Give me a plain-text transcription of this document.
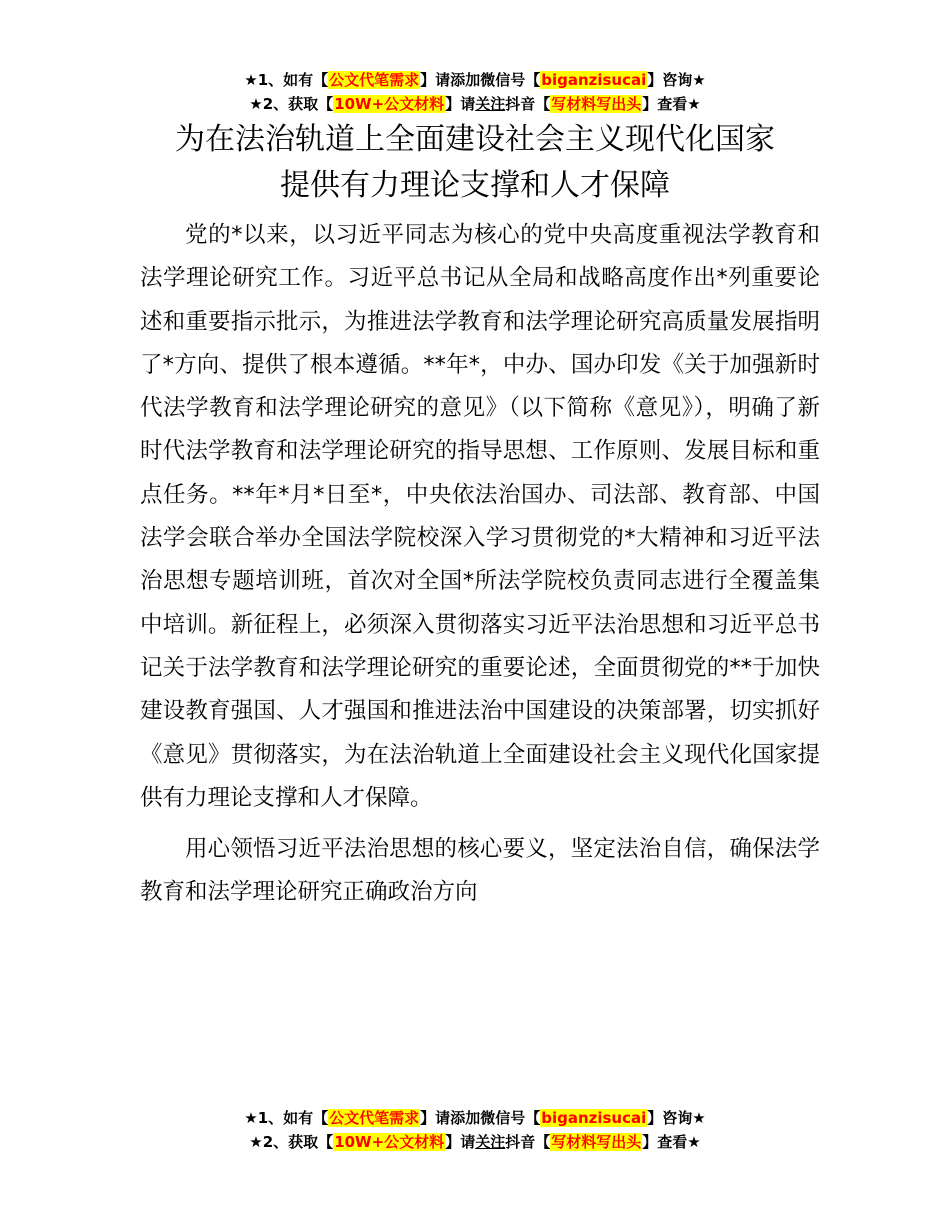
★1、如有【公文代笔需求】请添加微信号【biganzisucai】咨询★
★2、获取【10W+公文材料】请关注抖音【写材料写出头】查看★
为在法治轨道上全面建设社会主义现代化国家
提供有力理论支撑和人才保障

党的*以来，以习近平同志为核心的党中央高度重视法学教育和法学理论研究工作。习近平总书记从全局和战略高度作出*列重要论述和重要指示批示，为推进法学教育和法学理论研究高质量发展指明了*方向、提供了根本遵循。**年*，中办、国办印发《关于加强新时代法学教育和法学理论研究的意见》（以下简称《意见》），明确了新时代法学教育和法学理论研究的指导思想、工作原则、发展目标和重点任务。**年*月*日至*，中央依法治国办、司法部、教育部、中国法学会联合举办全国法学院校深入学习贯彻党的*大精神和习近平法治思想专题培训班，首次对全国*所法学院校负责同志进行全覆盖集中培训。新征程上，必须深入贯彻落实习近平法治思想和习近平总书记关于法学教育和法学理论研究的重要论述，全面贯彻党的**于加快建设教育强国、人才强国和推进法治中国建设的决策部署，切实抓好《意见》贯彻落实，为在法治轨道上全面建设社会主义现代化国家提供有力理论支撑和人才保障。

用心领悟习近平法治思想的核心要义，坚定法治自信，确保法学教育和法学理论研究正确政治方向

★1、如有【公文代笔需求】请添加微信号【biganzisucai】咨询★
★2、获取【10W+公文材料】请关注抖音【写材料写出头】查看★
